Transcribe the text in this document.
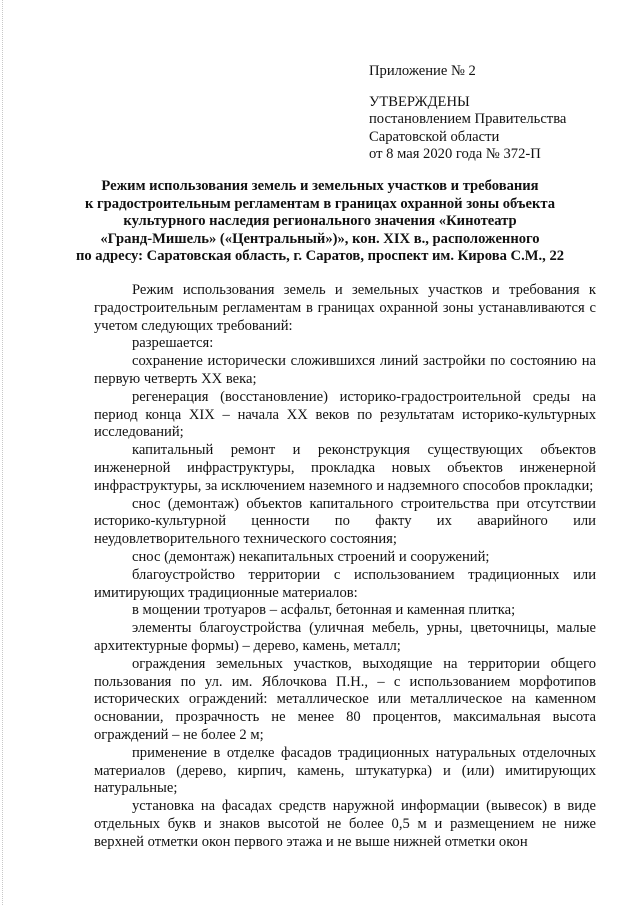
Приложение № 2
УТВЕРЖДЕНЫ
постановлением Правительства
Саратовской области
от 8 мая 2020 года № 372-П
Режим использования земель и земельных участков и требования
к градостроительным регламентам в границах охранной зоны объекта
культурного наследия регионального значения «Кинотеатр
«Гранд-Мишель» («Центральный»)», кон. XIX в., расположенного
по адресу: Саратовская область, г. Саратов, проспект им. Кирова С.М., 22

Режим использования земель и земельных участков и требования к градостроительным регламентам в границах охранной зоны устанавливаются с учетом следующих требований:

разрешается:

сохранение исторически сложившихся линий застройки по состоянию на первую четверть XX века;

регенерация (восстановление) историко-градостроительной среды на период конца XIX – начала XX веков по результатам историко-культурных исследований;

капитальный ремонт и реконструкция существующих объектов инженерной инфраструктуры, прокладка новых объектов инженерной инфраструктуры, за исключением наземного и надземного способов прокладки;

снос (демонтаж) объектов капитального строительства при отсутствии историко-культурной ценности по факту их аварийного или неудовлетворительного технического состояния;

снос (демонтаж) некапитальных строений и сооружений;

благоустройство территории с использованием традиционных или имитирующих традиционные материалов:

в мощении тротуаров – асфальт, бетонная и каменная плитка;

элементы благоустройства (уличная мебель, урны, цветочницы, малые архитектурные формы) – дерево, камень, металл;

ограждения земельных участков, выходящие на территории общего пользования по ул. им. Яблочкова П.Н., – с использованием морфотипов исторических ограждений: металлическое или металлическое на каменном основании, прозрачность не менее 80 процентов, максимальная высота ограждений – не более 2 м;

применение в отделке фасадов традиционных натуральных отделочных материалов (дерево, кирпич, камень, штукатурка) и (или) имитирующих натуральные;

установка на фасадах средств наружной информации (вывесок) в виде отдельных букв и знаков высотой не более 0,5 м и размещением не ниже верхней отметки окон первого этажа и не выше нижней отметки окон
